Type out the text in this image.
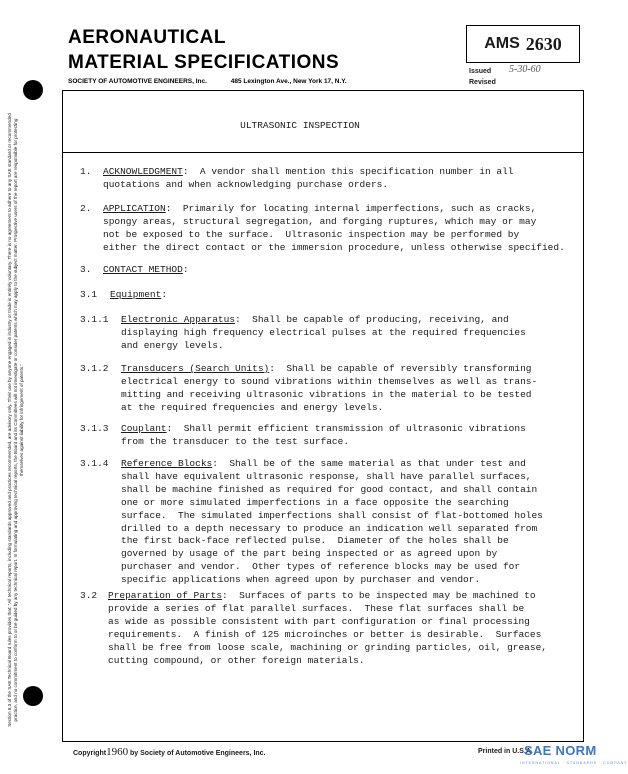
AERONAUTICAL
MATERIAL SPECIFICATIONS
SOCIETY OF AUTOMOTIVE ENGINEERS, Inc.	485 Lexington Ave., New York 17, N.Y.
AMS 2630
Issued 5-30-60
Revised
ULTRASONIC INSPECTION
1. ACKNOWLEDGMENT:  A vendor shall mention this specification number in all
quotations and when acknowledging purchase orders.
2. APPLICATION:  Primarily for locating internal imperfections, such as cracks,
spongy areas, structural segregation, and forging ruptures, which may or may
not be exposed to the surface.  Ultrasonic inspection may be performed by
either the direct contact or the immersion procedure, unless otherwise specified.
3. CONTACT METHOD:
3.1 Equipment:
3.1.1 Electronic Apparatus:  Shall be capable of producing, receiving, and
displaying high frequency electrical pulses at the required frequencies
and energy levels.
3.1.2 Transducers (Search Units):  Shall be capable of reversibly transforming
electrical energy to sound vibrations within themselves as well as trans-
mitting and receiving ultrasonic vibrations in the material to be tested
at the required frequencies and energy levels.
3.1.3 Couplant:  Shall permit efficient transmission of ultrasonic vibrations
from the transducer to the test surface.
3.1.4 Reference Blocks:  Shall be of the same material as that under test and
shall have equivalent ultrasonic response, shall have parallel surfaces,
shall be machine finished as required for good contact, and shall contain
one or more simulated imperfections in a face opposite the searching
surface.  The simulated imperfections shall consist of flat-bottomed holes
drilled to a depth necessary to produce an indication well separated from
the first back-face reflected pulse.  Diameter of the holes shall be
governed by usage of the part being inspected or as agreed upon by
purchaser and vendor.  Other types of reference blocks may be used for
specific applications when agreed upon by purchaser and vendor.
3.2 Preparation of Parts:  Surfaces of parts to be inspected may be machined to
provide a series of flat parallel surfaces.  These flat surfaces shall be
as wide as possible consistent with part configuration or final processing
requirements.  A finish of 125 microinches or better is desirable.  Surfaces
shall be free from loose scale, machining or grinding particles, oil, grease,
cutting compound, or other foreign materials.
Section 8.3 of the SAE Technical Board rules provides that: "All technical reports, including standards approved and practices recommended, are advisory only. Their use by anyone engaged in industry or trade is entirely voluntary. There is no agreement to adhere to any SAE standard or recommended practice, and no commitment to conform to or be guided by any technical report. In formulating and approving technical reports, the Board and its Committees will not investigate or consider patents which may apply to the subject matter. Prospective users of the report are responsible for protecting themselves against liability for infringement of patents."
Copyright1960 by Society of Automotive Engineers, Inc.	Printed in U.S.A.
SAE NORM
INTERNATIONAL · STANDARDS · COMPANY
